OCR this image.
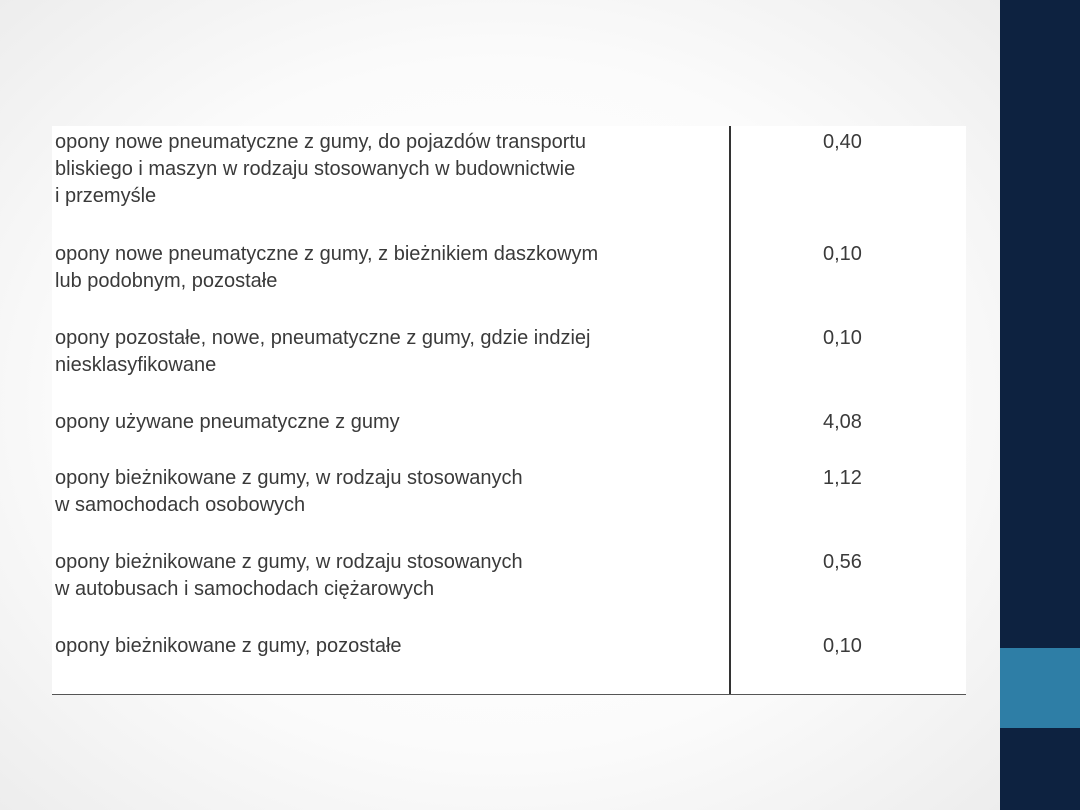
opony nowe pneumatyczne z gumy, do pojazdów transportu
bliskiego i maszyn w rodzaju stosowanych w budownictwie
i przemyśle
0,40
opony nowe pneumatyczne z gumy, z bieżnikiem daszkowym
lub podobnym, pozostałe
0,10
opony pozostałe, nowe, pneumatyczne z gumy, gdzie indziej
niesklasyfikowane
0,10
opony używane pneumatyczne z gumy	4,08
opony bieżnikowane z gumy, w rodzaju stosowanych
w samochodach osobowych
1,12
opony bieżnikowane z gumy, w rodzaju stosowanych
w autobusach i samochodach ciężarowych
0,56
opony bieżnikowane z gumy, pozostałe	0,10
